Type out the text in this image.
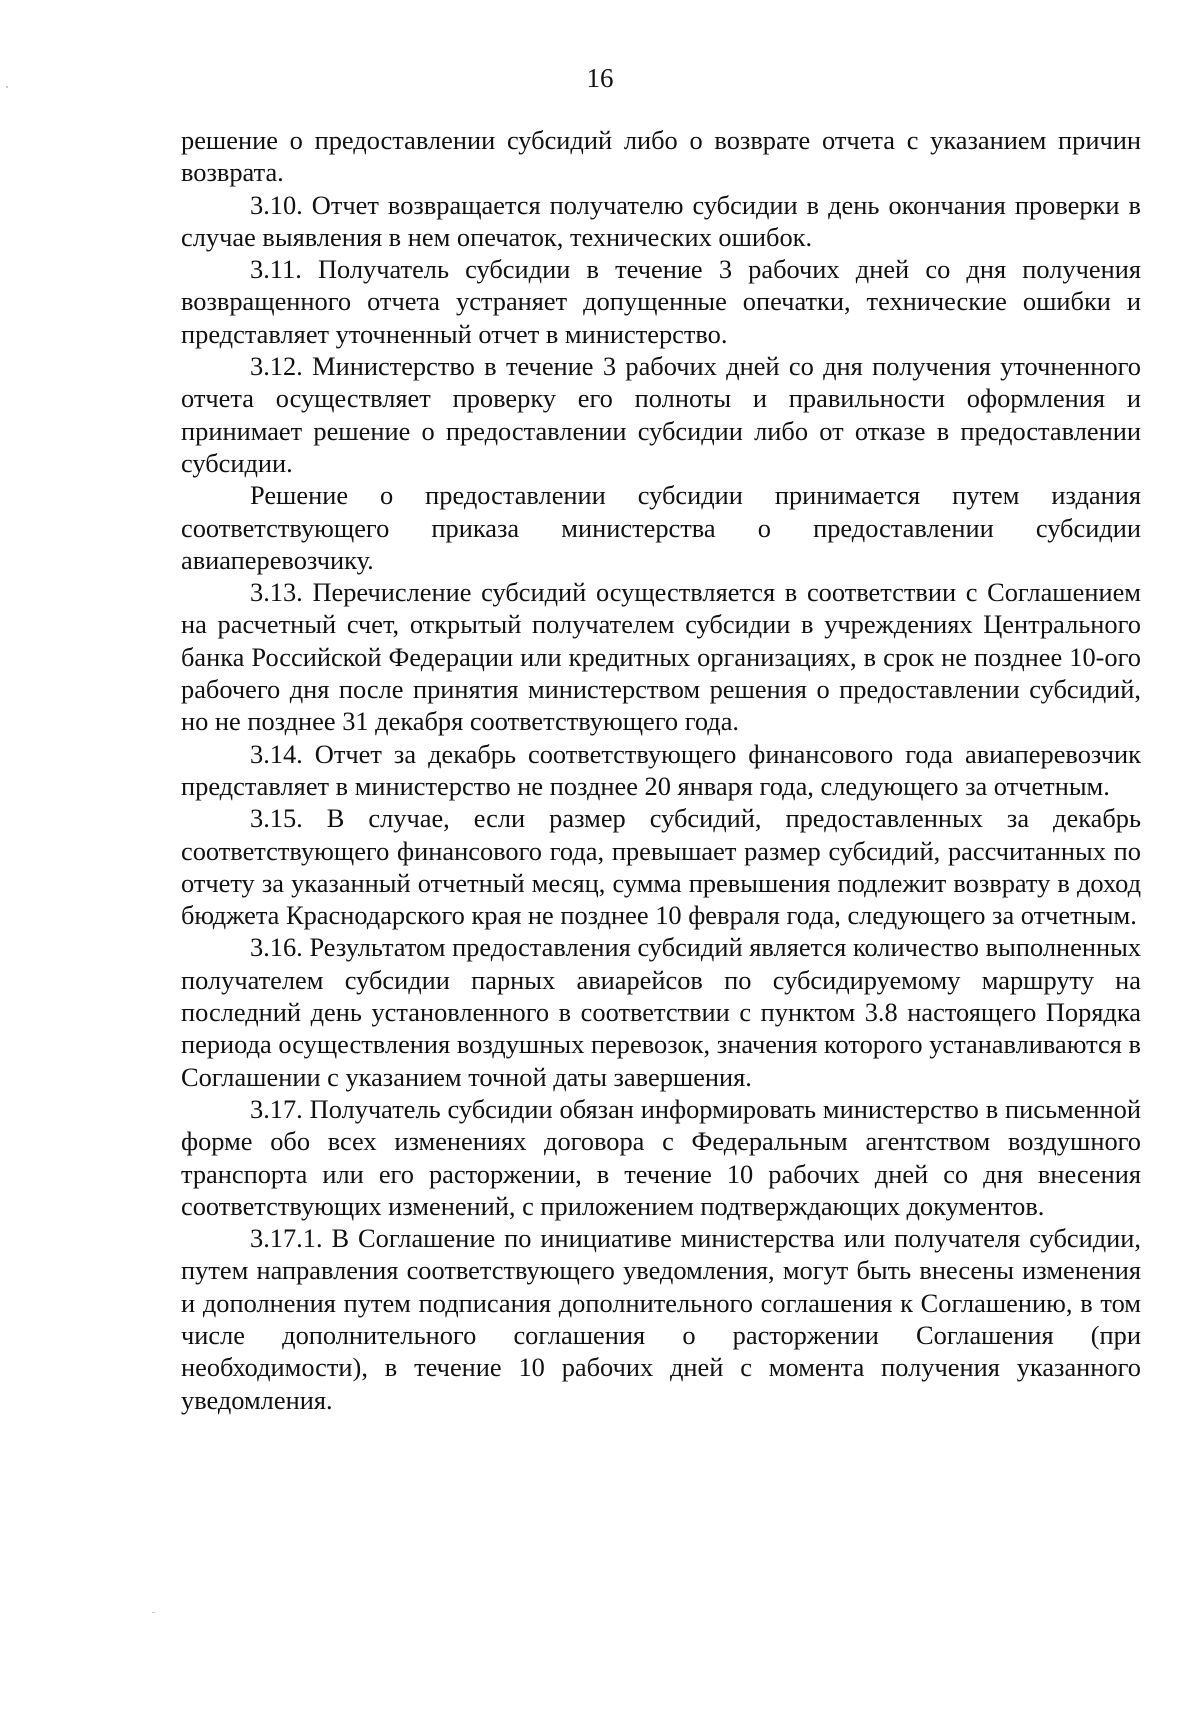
16

решение о предоставлении субсидий либо о возврате отчета с указанием причин возврата.

3.10. Отчет возвращается получателю субсидии в день окончания проверки в случае выявления в нем опечаток, технических ошибок.

3.11. Получатель субсидии в течение 3 рабочих дней со дня получения возвращенного отчета устраняет допущенные опечатки, технические ошибки и представляет уточненный отчет в министерство.

3.12. Министерство в течение 3 рабочих дней со дня получения уточненного отчета осуществляет проверку его полноты и правильности оформления и принимает решение о предоставлении субсидии либо от отказе в предоставлении субсидии.

Решение о предоставлении субсидии принимается путем издания соответствующего приказа министерства о предоставлении субсидии авиаперевозчику.

3.13. Перечисление субсидий осуществляется в соответствии с Соглашением на расчетный счет, открытый получателем субсидии в учреждениях Центрального банка Российской Федерации или кредитных организациях, в срок не позднее 10-ого рабочего дня после принятия министерством решения о предоставлении субсидий, но не позднее 31 декабря соответствующего года.

3.14. Отчет за декабрь соответствующего финансового года авиаперевозчик представляет в министерство не позднее 20 января года, следующего за отчетным.

3.15. В случае, если размер субсидий, предоставленных за декабрь соответствующего финансового года, превышает размер субсидий, рассчитанных по отчету за указанный отчетный месяц, сумма превышения подлежит возврату в доход бюджета Краснодарского края не позднее 10 февраля года, следующего за отчетным.

3.16. Результатом предоставления субсидий является количество выполненных получателем субсидии парных авиарейсов по субсидируемому маршруту на последний день установленного в соответствии с пунктом 3.8 настоящего Порядка периода осуществления воздушных перевозок, значения которого устанавливаются в Соглашении с указанием точной даты завершения.

3.17. Получатель субсидии обязан информировать министерство в письменной форме обо всех изменениях договора с Федеральным агентством воздушного транспорта или его расторжении, в течение 10 рабочих дней со дня внесения соответствующих изменений, с приложением подтверждающих документов.

3.17.1. В Соглашение по инициативе министерства или получателя субсидии, путем направления соответствующего уведомления, могут быть внесены изменения и дополнения путем подписания дополнительного соглашения к Соглашению, в том числе дополнительного соглашения о расторжении Соглашения (при необходимости), в течение 10 рабочих дней с момента получения указанного уведомления.
